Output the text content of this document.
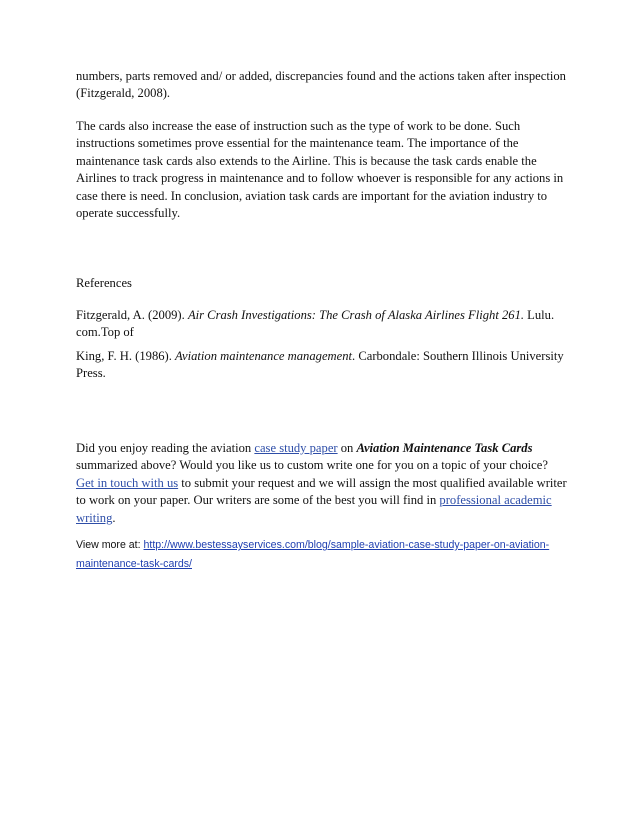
numbers, parts removed and/ or added, discrepancies found and the actions taken after inspection (Fitzgerald, 2008).
The cards also increase the ease of instruction such as the type of work to be done. Such instructions sometimes prove essential for the maintenance team. The importance of the maintenance task cards also extends to the Airline. This is because the task cards enable the Airlines to track progress in maintenance and to follow whoever is responsible for any actions in case there is need. In conclusion, aviation task cards are important for the aviation industry to operate successfully.
References
Fitzgerald, A. (2009). Air Crash Investigations: The Crash of Alaska Airlines Flight 261. Lulu. com.Top of
King, F. H. (1986). Aviation maintenance management. Carbondale: Southern Illinois University Press.
Did you enjoy reading the aviation case study paper on Aviation Maintenance Task Cards summarized above? Would you like us to custom write one for you on a topic of your choice? Get in touch with us to submit your request and we will assign the most qualified available writer to work on your paper. Our writers are some of the best you will find in professional academic writing.
View more at: http://www.bestessayservices.com/blog/sample-aviation-case-study-paper-on-aviation-maintenance-task-cards/
